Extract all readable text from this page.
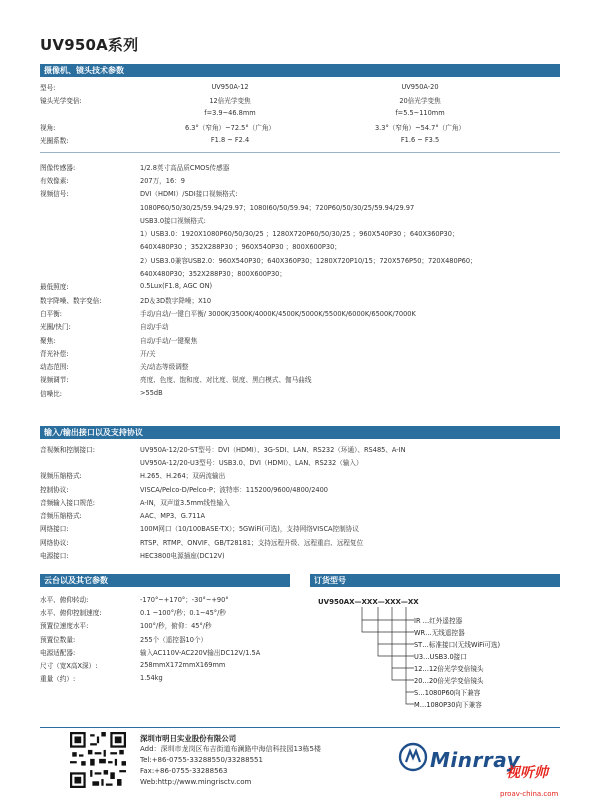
UV950A系列
摄像机、镜头技术参数
型号:	UV950A-12	UV950A-20
镜头光学变倍:	12倍光学变焦	20倍光学变焦
f=3.9~46.8mm	f=5.5~110mm
视角:	6.3°（窄角）~72.5°（广角）	3.3°（窄角）~54.7°（广角）
光圈系数:	F1.8 ~ F2.4	F1.6 ~ F3.5
图像传感器:	1/2.8英寸高品质CMOS传感器
有效像素:	207万，16：9
视频信号:	DVI（HDMI）/SDI接口视频格式:
1080P60/50/30/25/59.94/29.97；1080I60/50/59.94；720P60/50/30/25/59.94/29.97
USB3.0接口视频格式:
1）USB3.0：1920X1080P60/50/30/25 ；1280X720P60/50/30/25 ；960X540P30 ；640X360P30；
640X480P30 ；352X288P30 ；960X540P30 ；800X600P30；
2）USB3.0兼容USB2.0：960X540P30；640X360P30；1280X720P10/15；720X576P50；720X480P60；
640X480P30；352X288P30；800X600P30；
最低照度:	0.5Lux(F1.8, AGC ON)
数字降噪、数字变倍:	2D＆3D数字降噪；X10
白平衡:	手动/自动/一键白平衡/ 3000K/3500K/4000K/4500K/5000K/5500K/6000K/6500K/7000K
光圈/快门:	自动/手动
聚焦:	自动/手动/一键聚焦
背光补偿:	开/关
动态范围:	关/动态等级调整
视频调节:	亮度、色度、饱和度、对比度、锐度、黑白模式、伽马曲线
信噪比:	>55dB
输入/输出接口以及支持协议
音视频和控制接口:	UV950A-12/20-ST型号：DVI（HDMI）、3G-SDI、LAN、RS232（环通）、RS485、A-IN
UV950A-12/20-U3型号：USB3.0、DVI（HDMI）、LAN、RS232（输入）
视频压缩格式:	H.265、H.264；双码流输出
控制协议:	VISCA/Pelco-D/Pelco-P；波特率：115200/9600/4800/2400
音频输入接口规范:	A-IN，双声道3.5mm线性输入
音频压缩格式:	AAC、MP3、G.711A
网络接口:	100M网口（10/100BASE-TX）；5GWiFi(可选)，支持网络VISCA控制协议
网络协议:	RTSP、RTMP、ONVIF、GB/T28181；支持远程升级、远程重启、远程复位
电源接口:	HEC3800电源插座(DC12V)
云台以及其它参数
水平、俯仰转动:	-170°~+170°；-30°~+90°
水平、俯仰控制速度:	0.1 ~100°/秒；0.1~45°/秒
预置位速度水平:	100°/秒，俯仰：45°/秒
预置位数量:	255个（遥控器10个）
电源适配器:	输入AC110V-AC220V输出DC12V/1.5A
尺寸（宽X高X深）:	258mmX172mmX169mm
重量（约）:	1.54kg
订货型号
UV950AX—XXX—XXX—XX
IR …红外遥控器
WR…无线遥控器
ST…标准接口(无线WiFi可选)
U3…USB3.0接口
12…12倍光学变倍镜头
20…20倍光学变倍镜头
S…1080P60向下兼容
M…1080P30向下兼容
深圳市明日实业股份有限公司
Add：深圳市龙岗区布吉街道布澜路中海信科技园13栋5楼
Tel:+86-0755-33288550/33288551
Fax:+86-0755-33288563
Web:http://www.mingrisctv.com
Minrray
视听帅
proav-china.com
